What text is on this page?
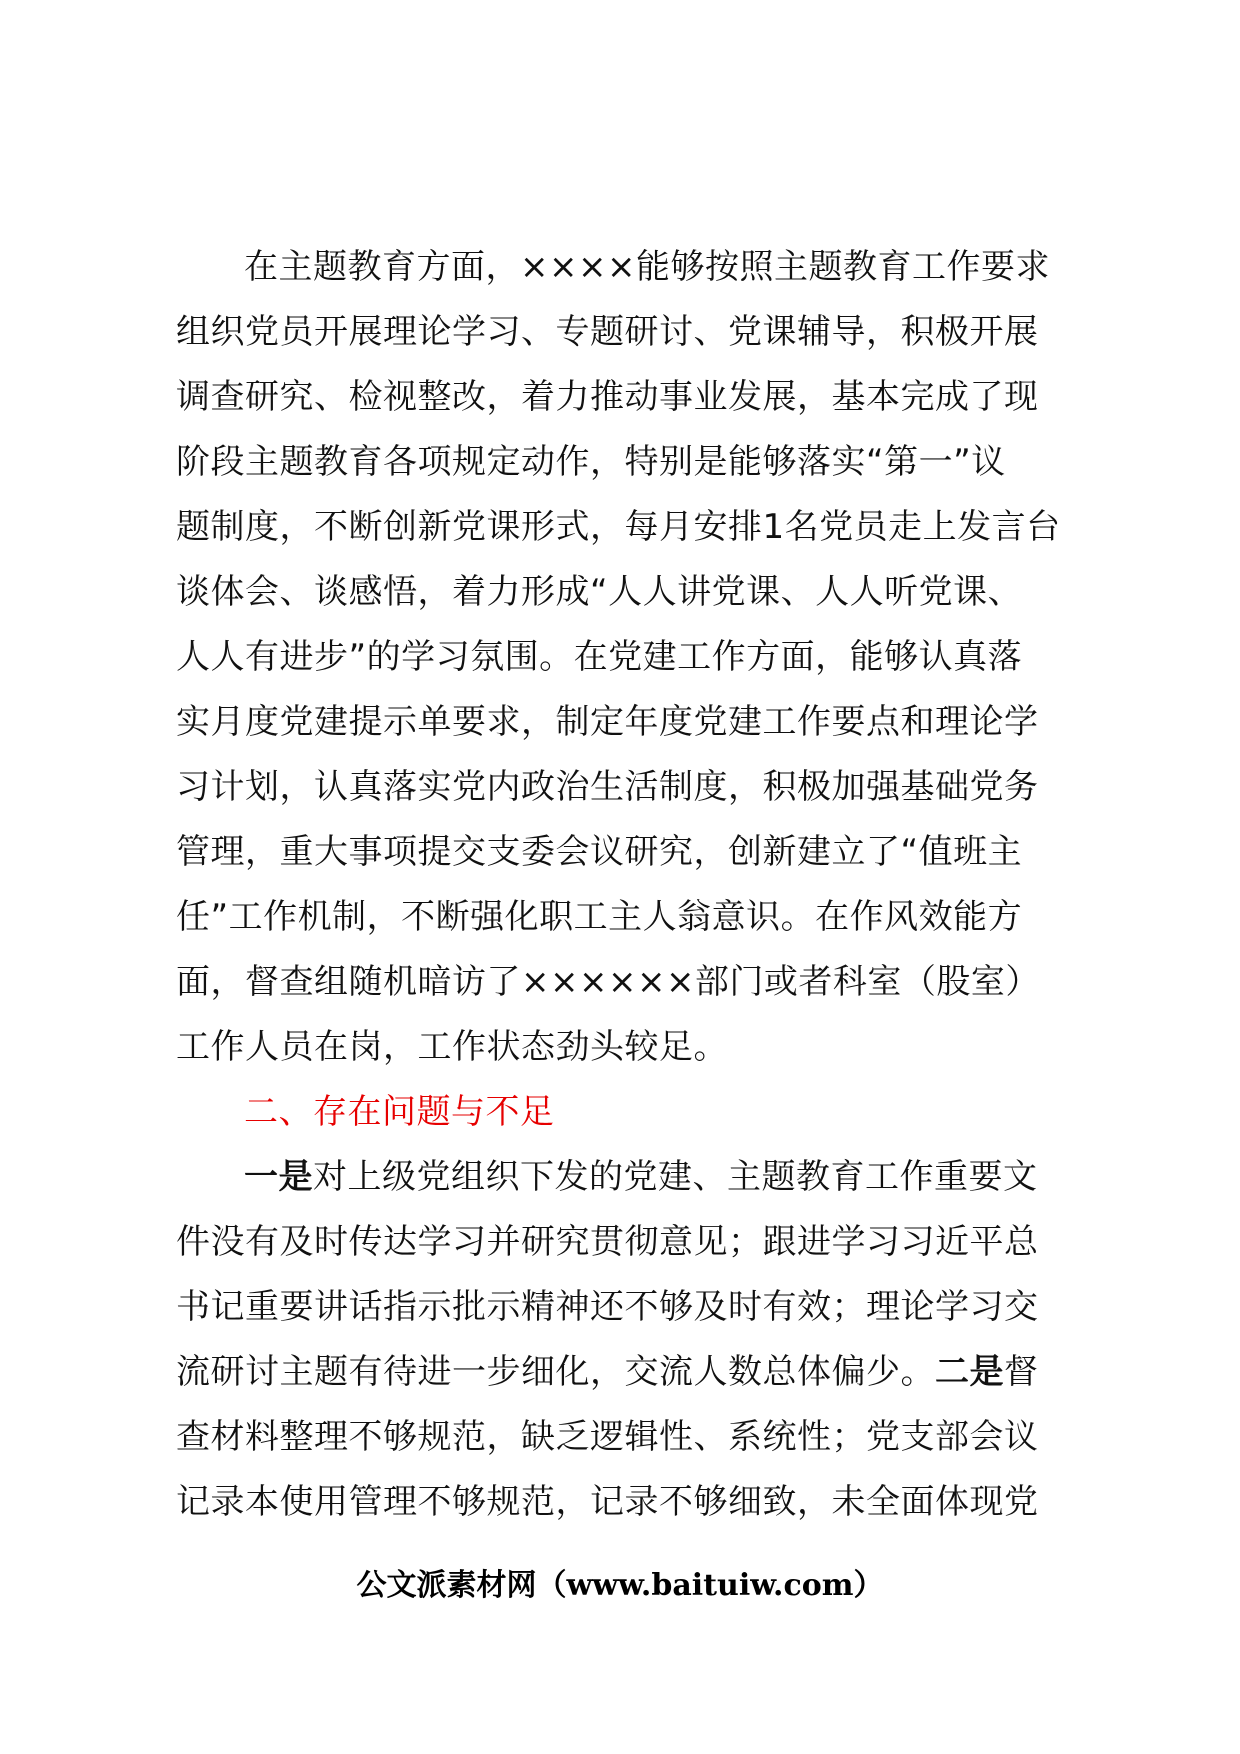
在主题教育方面，××××能够按照主题教育工作要求
组织党员开展理论学习、专题研讨、党课辅导，积极开展
调查研究、检视整改，着力推动事业发展，基本完成了现
阶段主题教育各项规定动作，特别是能够落实“第一”议
题制度，不断创新党课形式，每月安排1名党员走上发言台
谈体会、谈感悟，着力形成“人人讲党课、人人听党课、
人人有进步”的学习氛围。在党建工作方面，能够认真落
实月度党建提示单要求，制定年度党建工作要点和理论学
习计划，认真落实党内政治生活制度，积极加强基础党务
管理，重大事项提交支委会议研究，创新建立了“值班主
任”工作机制，不断强化职工主人翁意识。在作风效能方
面，督查组随机暗访了××××××部门或者科室（股室）
工作人员在岗，工作状态劲头较足。
二、存在问题与不足
一是对上级党组织下发的党建、主题教育工作重要文
件没有及时传达学习并研究贯彻意见；跟进学习习近平总
书记重要讲话指示批示精神还不够及时有效；理论学习交
流研讨主题有待进一步细化，交流人数总体偏少。二是督
查材料整理不够规范，缺乏逻辑性、系统性；党支部会议
记录本使用管理不够规范，记录不够细致，未全面体现党
公文派素材网（www.baituiw.com）
